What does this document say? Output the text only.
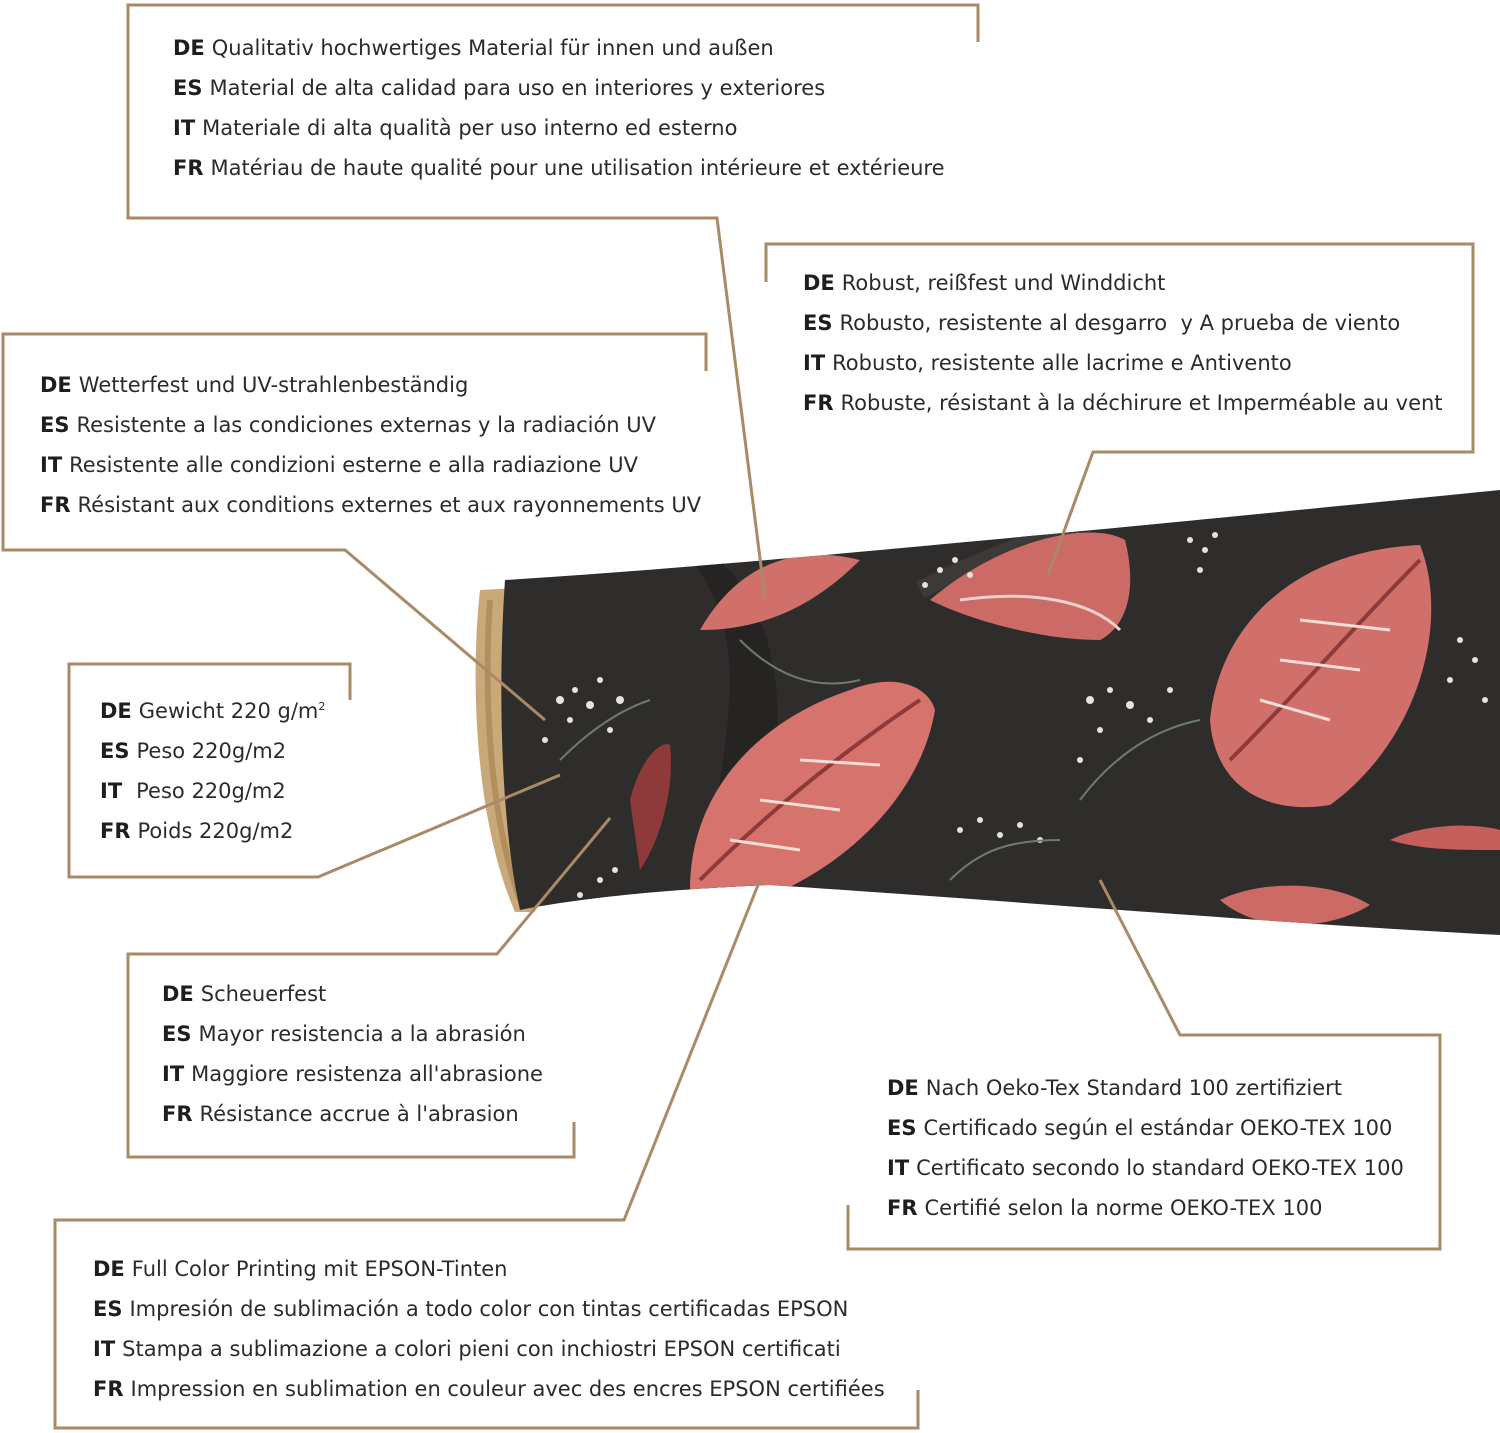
DE Qualitativ hochwertiges Material für innen und außen
ES Material de alta calidad para uso en interiores y exteriores
IT Materiale di alta qualità per uso interno ed esterno
FR Matériau de haute qualité pour une utilisation intérieure et extérieure
DE Robust, reißfest und Winddicht
ES Robusto, resistente al desgarro  y A prueba de viento
IT Robusto, resistente alle lacrime e Antivento
FR Robuste, résistant à la déchirure et Imperméable au vent
DE Wetterfest und UV-strahlenbeständig
ES Resistente a las condiciones externas y la radiación UV
IT Resistente alle condizioni esterne e alla radiazione UV
FR Résistant aux conditions externes et aux rayonnements UV
DE Gewicht 220 $g/m^2$
ES Peso 220g/m2
IT Peso 220g/m2
FR Poids 220g/m2
DE Scheuerfest
ES Mayor resistencia a la abrasión
IT Maggiore resistenza all'abrasione
FR Résistance accrue à l'abrasion
DE Nach Oeko-Tex Standard 100 zertifiziert
ES Certificado según el estándar OEKO-TEX 100
IT Certificato secondo lo standard OEKO-TEX 100
FR Certifié selon la norme OEKO-TEX 100
DE Full Color Printing mit EPSON-Tinten
ES Impresión de sublimación a todo color con tintas certificadas EPSON
IT Stampa a sublimazione a colori pieni con inchiostri EPSON certificati
FR Impression en sublimation en couleur avec des encres EPSON certifiées
